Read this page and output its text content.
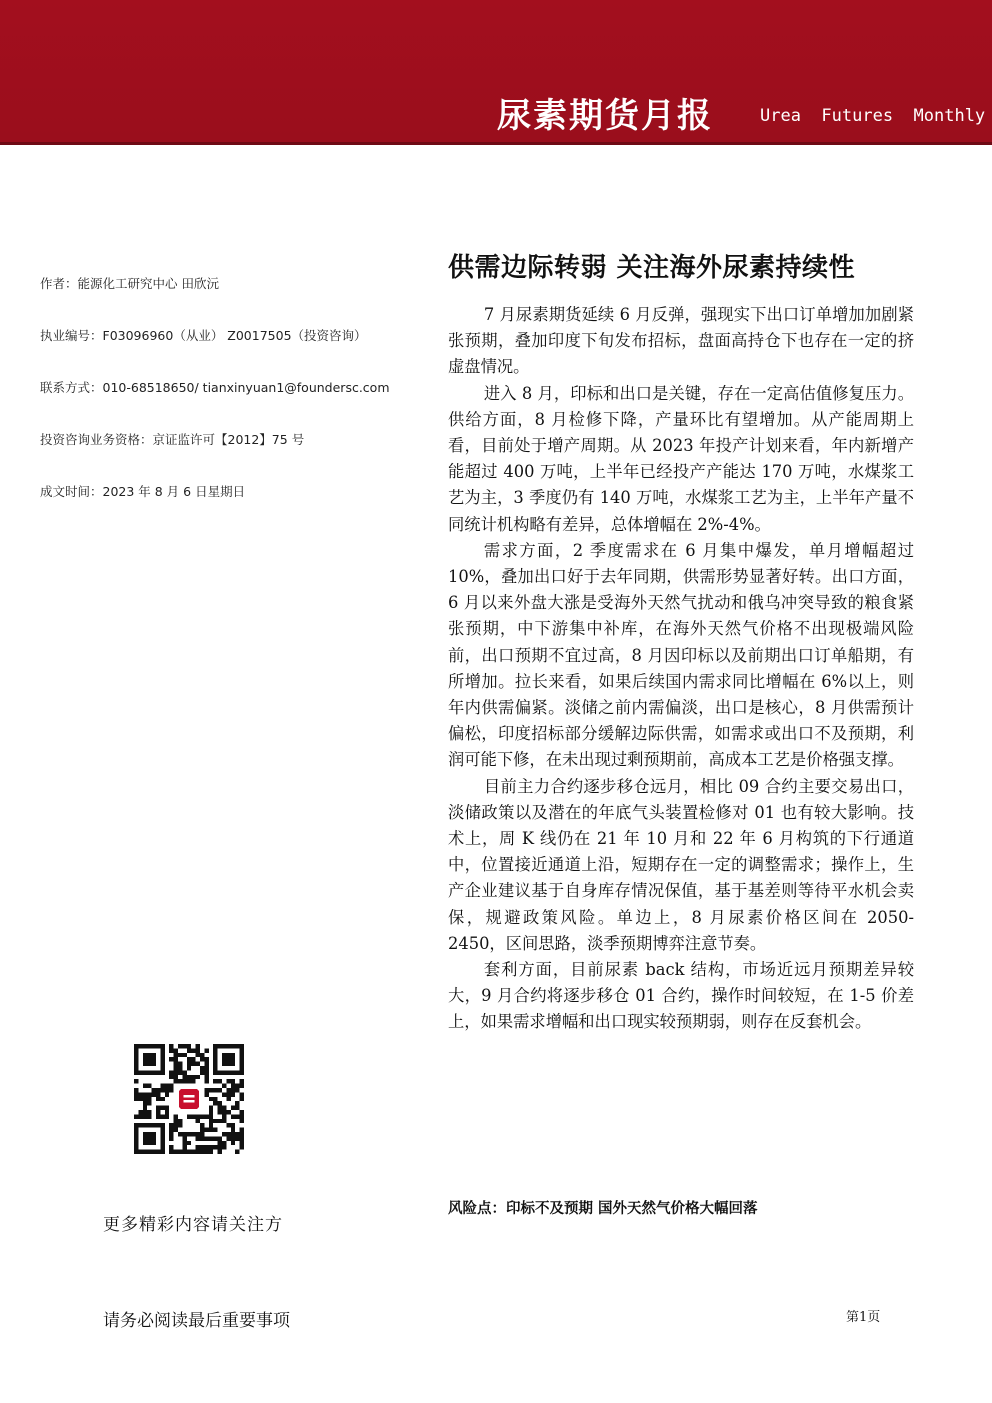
尿素期货月报	Urea  Futures  Monthly
作者：能源化工研究中心 田欣沅
执业编号：F03096960（从业） Z0017505（投资咨询）
联系方式：010-68518650/ tianxinyuan1@foundersc.com
投资咨询业务资格：京证监许可【2012】75 号
成文时间：2023 年 8 月 6 日星期日
供需边际转弱 关注海外尿素持续性

7 月尿素期货延续 6 月反弹，强现实下出口订单增加加剧紧张预期，叠加印度下旬发布招标，盘面高持仓下也存在一定的挤虚盘情况。

进入 8 月，印标和出口是关键，存在一定高估值修复压力。供给方面，8 月检修下降，产量环比有望增加。从产能周期上看，目前处于增产周期。从 2023 年投产计划来看，年内新增产能超过 400 万吨，上半年已经投产产能达 170 万吨，水煤浆工艺为主，3 季度仍有 140 万吨，水煤浆工艺为主，上半年产量不同统计机构略有差异，总体增幅在 2%-4%。

需求方面，2 季度需求在 6 月集中爆发，单月增幅超过 10%，叠加出口好于去年同期，供需形势显著好转。出口方面，6 月以来外盘大涨是受海外天然气扰动和俄乌冲突导致的粮食紧张预期，中下游集中补库，在海外天然气价格不出现极端风险前，出口预期不宜过高，8 月因印标以及前期出口订单船期，有所增加。拉长来看，如果后续国内需求同比增幅在 6%以上，则年内供需偏紧。淡储之前内需偏淡，出口是核心，8 月供需预计偏松，印度招标部分缓解边际供需，如需求或出口不及预期，利润可能下修，在未出现过剩预期前，高成本工艺是价格强支撑。

目前主力合约逐步移仓远月，相比 09 合约主要交易出口，淡储政策以及潜在的年底气头装置检修对 01 也有较大影响。技术上，周 K 线仍在 21 年 10 月和 22 年 6 月构筑的下行通道中，位置接近通道上沿，短期存在一定的调整需求；操作上，生产企业建议基于自身库存情况保值，基于基差则等待平水机会卖保，规避政策风险。单边上，8 月尿素价格区间在 2050-2450，区间思路，淡季预期博弈注意节奏。

套利方面，目前尿素 back 结构，市场近远月预期差异较大，9 月合约将逐步移仓 01 合约，操作时间较短，在 1-5 价差上，如果需求增幅和出口现实较预期弱，则存在反套机会。

风险点：印标不及预期 国外天然气价格大幅回落
更多精彩内容请关注方
请务必阅读最后重要事项	第1页
